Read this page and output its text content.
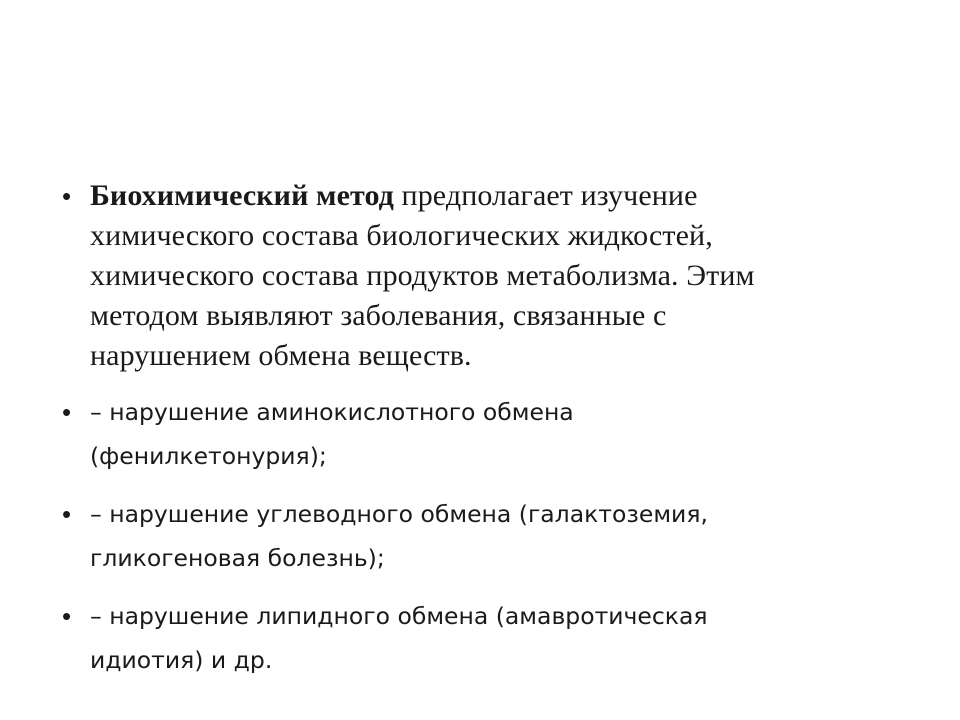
• Биохимический метод предполагает изучение
химического состава биологических жидкостей,
химического состава продуктов метаболизма. Этим
методом выявляют заболевания, связанные с
нарушением обмена веществ.
• – нарушение аминокислотного обмена
(фенилкетонурия);
• – нарушение углеводного обмена (галактоземия,
гликогеновая болезнь);
• – нарушение липидного обмена (амавротическая
идиотия) и др.
